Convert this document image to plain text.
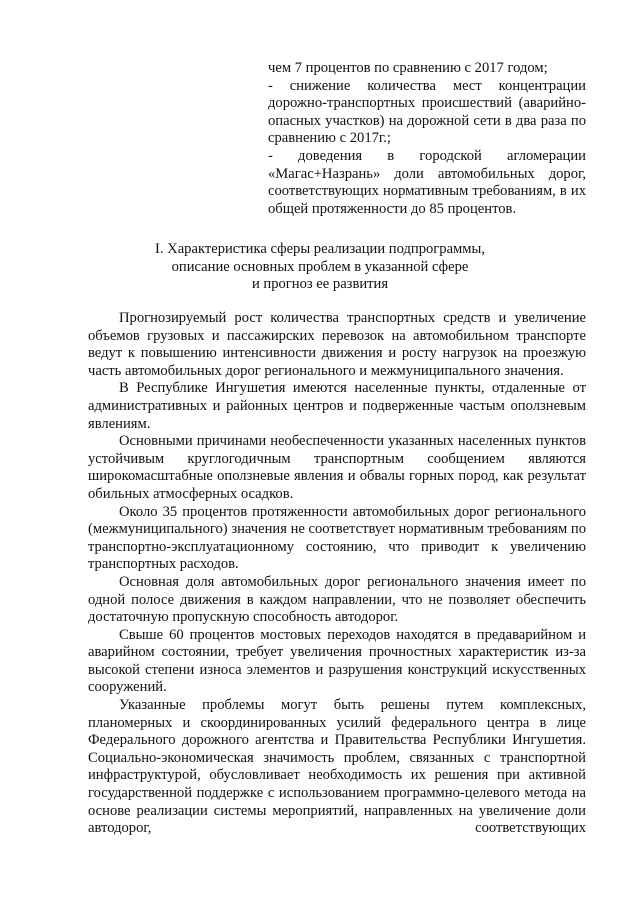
чем 7 процентов по сравнению с 2017 годом;

- снижение количества мест концентрации дорожно-транспортных происшествий (аварийно-опасных участков) на дорожной сети в два раза по сравнению с 2017г.;

- доведения в городской агломерации «Магас+Назрань» доли автомобильных дорог, соответствующих нормативным требованиям, в их общей протяженности до 85 процентов.

I. Характеристика сферы реализации подпрограммы,
описание основных проблем в указанной сфере
и прогноз ее развития

Прогнозируемый рост количества транспортных средств и увеличение объемов грузовых и пассажирских перевозок на автомобильном транспорте ведут к повышению интенсивности движения и росту нагрузок на проезжую часть автомобильных дорог регионального и межмуниципального значения.

В Республике Ингушетия имеются населенные пункты, отдаленные от административных и районных центров и подверженные частым оползневым явлениям.

Основными причинами необеспеченности указанных населенных пунктов устойчивым круглогодичным транспортным сообщением являются широкомасштабные оползневые явления и обвалы горных пород, как результат обильных атмосферных осадков.

Около 35 процентов протяженности автомобильных дорог регионального (межмуниципального) значения не соответствует нормативным требованиям по транспортно-эксплуатационному состоянию, что приводит к увеличению транспортных расходов.

Основная доля автомобильных дорог регионального значения имеет по одной полосе движения в каждом направлении, что не позволяет обеспечить достаточную пропускную способность автодорог.

Свыше 60 процентов мостовых переходов находятся в предаварийном и аварийном состоянии, требует увеличения прочностных характеристик из-за высокой степени износа элементов и разрушения конструкций искусственных сооружений.

Указанные проблемы могут быть решены путем комплексных, планомерных и скоординированных усилий федерального центра в лице Федерального дорожного агентства и Правительства Республики Ингушетия. Социально-экономическая значимость проблем, связанных с транспортной инфраструктурой, обусловливает необходимость их решения при активной государственной поддержке с использованием программно-целевого метода на основе реализации системы мероприятий, направленных на увеличение доли автодорог, соответствующих
